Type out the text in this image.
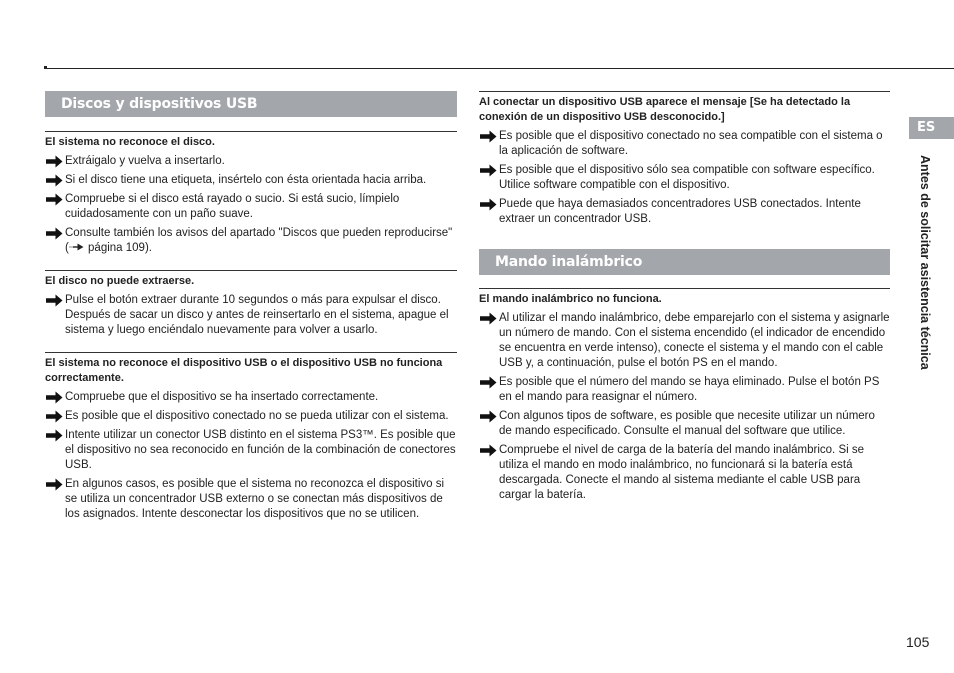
Discos y dispositivos USB
El sistema no reconoce el disco.
Extráigalo y vuelva a insertarlo.
Si el disco tiene una etiqueta, insértelo con ésta orientada hacia arriba.
Compruebe si el disco está rayado o sucio. Si está sucio, límpielo cuidadosamente con un paño suave.
Consulte también los avisos del apartado "Discos que pueden reproducirse" ( página 109).
El disco no puede extraerse.
Pulse el botón extraer durante 10 segundos o más para expulsar el disco. Después de sacar un disco y antes de reinsertarlo en el sistema, apague el sistema y luego enciéndalo nuevamente para volver a usarlo.
El sistema no reconoce el dispositivo USB o el dispositivo USB no funciona correctamente.
Compruebe que el dispositivo se ha insertado correctamente.
Es posible que el dispositivo conectado no se pueda utilizar con el sistema.
Intente utilizar un conector USB distinto en el sistema PS3™. Es posible que el dispositivo no sea reconocido en función de la combinación de conectores USB.
En algunos casos, es posible que el sistema no reconozca el dispositivo si se utiliza un concentrador USB externo o se conectan más dispositivos de los asignados. Intente desconectar los dispositivos que no se utilicen.
Al conectar un dispositivo USB aparece el mensaje [Se ha detectado la conexión de un dispositivo USB desconocido.]
Es posible que el dispositivo conectado no sea compatible con el sistema o la aplicación de software.
Es posible que el dispositivo sólo sea compatible con software específico. Utilice software compatible con el dispositivo.
Puede que haya demasiados concentradores USB conectados. Intente extraer un concentrador USB.
Mando inalámbrico
El mando inalámbrico no funciona.
Al utilizar el mando inalámbrico, debe emparejarlo con el sistema y asignarle un número de mando. Con el sistema encendido (el indicador de encendido se encuentra en verde intenso), conecte el sistema y el mando con el cable USB y, a continuación, pulse el botón PS en el mando.
Es posible que el número del mando se haya eliminado. Pulse el botón PS en el mando para reasignar el número.
Con algunos tipos de software, es posible que necesite utilizar un número de mando especificado. Consulte el manual del software que utilice.
Compruebe el nivel de carga de la batería del mando inalámbrico. Si se utiliza el mando en modo inalámbrico, no funcionará si la batería está descargada. Conecte el mando al sistema mediante el cable USB para cargar la batería.
ES
Antes de solicitar asistencia técnica
105
